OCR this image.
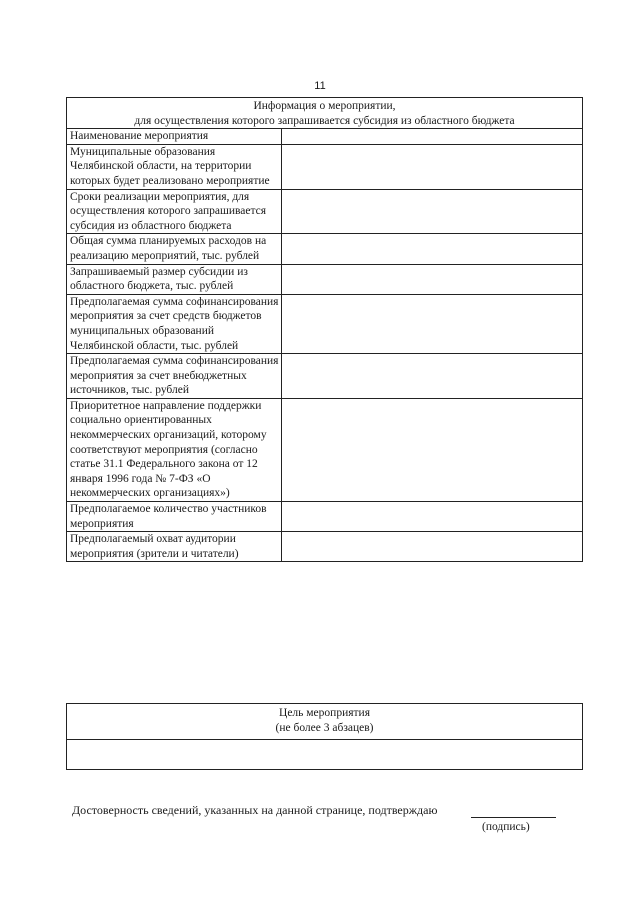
11
Информация о мероприятии,
для осуществления которого запрашивается субсидия из областного бюджета	

Наименование мероприятия	
Муниципальные образования Челябинской области, на территории которых будет реализовано мероприятие	
Сроки реализации мероприятия, для осуществления которого запрашивается субсидия из областного бюджета	
Общая сумма планируемых расходов на реализацию мероприятий, тыс. рублей	
Запрашиваемый размер субсидии из областного бюджета, тыс. рублей	
Предполагаемая сумма софинансирования мероприятия за счет средств бюджетов муниципальных образований Челябинской области, тыс. рублей	
Предполагаемая сумма софинансирования мероприятия за счет внебюджетных источников, тыс. рублей	
Приоритетное направление поддержки социально ориентированных некоммерческих организаций, которому соответствуют мероприятия (согласно статье 31.1 Федерального закона от 12 января 1996 года № 7-ФЗ «О некоммерческих организациях»)	
Предполагаемое количество участников мероприятия	
Предполагаемый охват аудитории мероприятия (зрители и читатели)	
Цель мероприятия
(не более 3 абзацев)

Достоверность сведений, указанных на данной странице, подтверждаю
(подпись)
